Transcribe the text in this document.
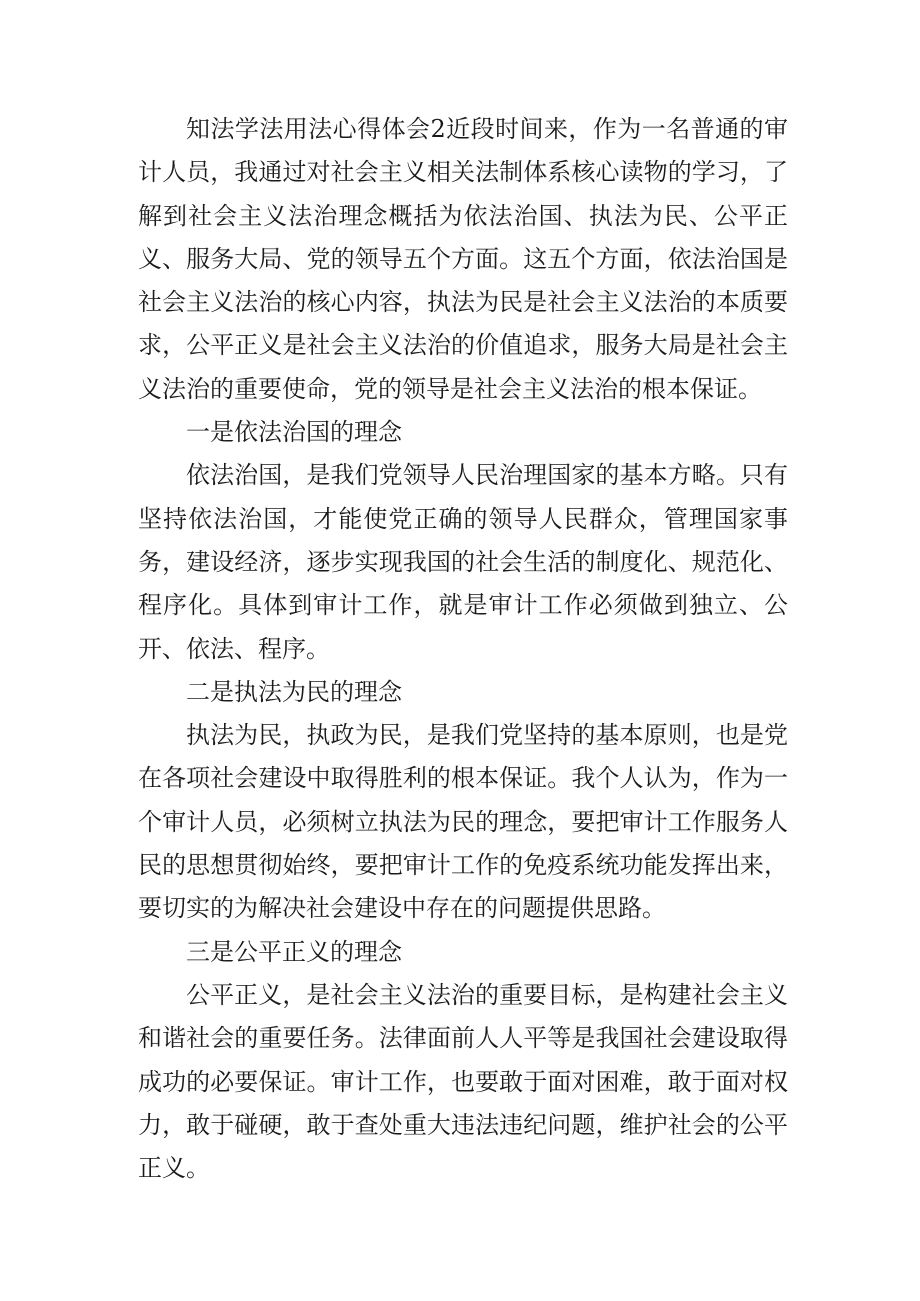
知法学法用法心得体会2近段时间来，作为一名普通的审计人员，我通过对社会主义相关法制体系核心读物的学习，了解到社会主义法治理念概括为依法治国、执法为民、公平正义、服务大局、党的领导五个方面。这五个方面，依法治国是社会主义法治的核心内容，执法为民是社会主义法治的本质要求，公平正义是社会主义法治的价值追求，服务大局是社会主义法治的重要使命，党的领导是社会主义法治的根本保证。

一是依法治国的理念

依法治国，是我们党领导人民治理国家的基本方略。只有坚持依法治国，才能使党正确的领导人民群众，管理国家事务，建设经济，逐步实现我国的社会生活的制度化、规范化、程序化。具体到审计工作，就是审计工作必须做到独立、公开、依法、程序。

二是执法为民的理念

执法为民，执政为民，是我们党坚持的基本原则，也是党在各项社会建设中取得胜利的根本保证。我个人认为，作为一个审计人员，必须树立执法为民的理念，要把审计工作服务人民的思想贯彻始终，要把审计工作的免疫系统功能发挥出来，要切实的为解决社会建设中存在的问题提供思路。

三是公平正义的理念

公平正义，是社会主义法治的重要目标，是构建社会主义和谐社会的重要任务。法律面前人人平等是我国社会建设取得成功的必要保证。审计工作，也要敢于面对困难，敢于面对权力，敢于碰硬，敢于查处重大违法违纪问题，维护社会的公平正义。
